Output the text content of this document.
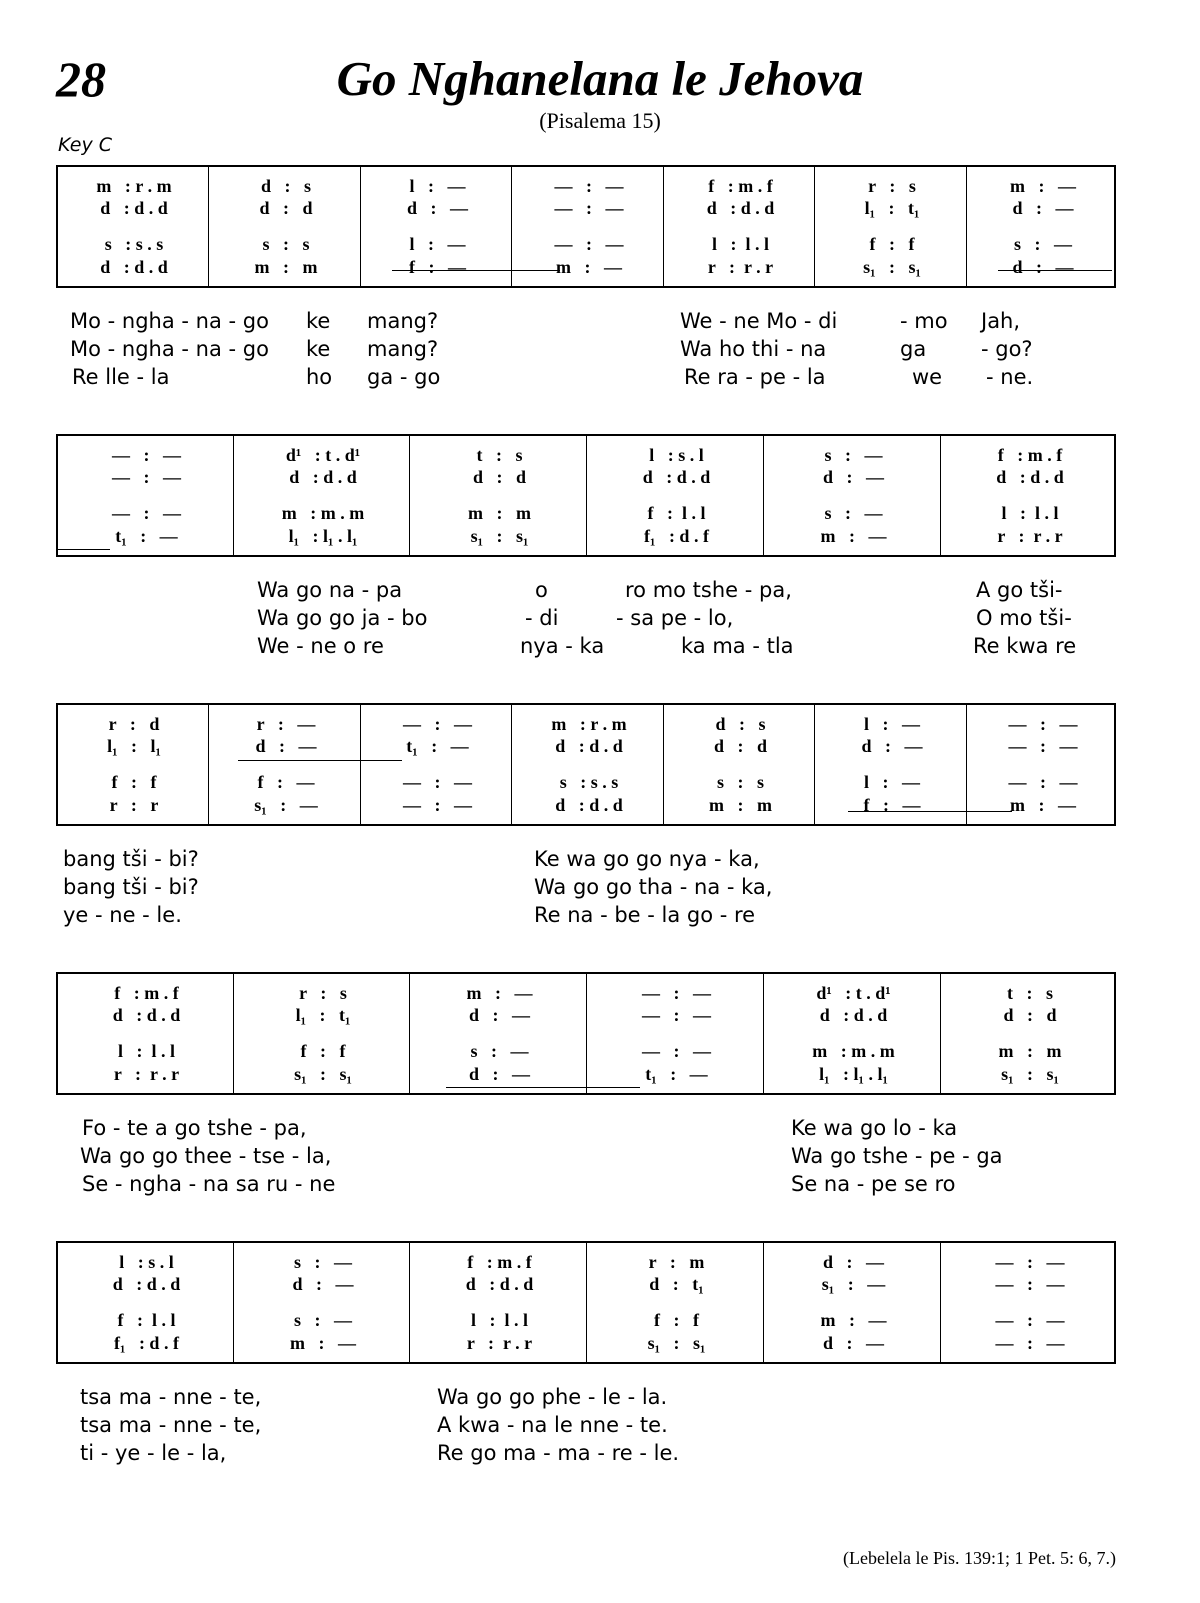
28	Go Nghanelana le Jehova
(Pisalema 15)
Key C
m   : r . m	d   :   s	l   :   —	—   :   —	f   : m . f	r   :   s	m   :   —
d   : d . d	d   :   d	d   :   —	—   :   —	d   : d . d	l₁   :   t₁	d   :   —
s   : s . s	s   :   s	l   :   —	—   :   —	l   :  l . l	f   :   f	s   :   —
d   : d . d	m   :   m	f   :   —	m   :   —	r   :  r . r	s₁   :   s₁	d   :   —
Mo - ngha - na - go ke mang?	We - ne Mo - di	- mo Jah,
Mo - ngha - na - go ke mang?	Wa ho thi - na	ga	- go?
Re lle - la	ho ga - go	Re ra - pe - la	we - ne.
—   :   —	d¹   : t . d¹	t   :   s	l   : s . l	s   :   —	f   : m . f
—   :   —	d   : d . d	d   :   d	d   : d . d	d   :   —	d   : d . d
—   :   —	m   : m . m	m   :   m	f   :  l . l	s   :   —	l   :  l . l
t₁   :   —	l₁   : l₁ . l₁	s₁   :   s₁	f₁   : d . f	m   :   —	r   :  r . r
Wa go na - pa	o	ro mo tshe - pa,	A go tši-
Wa go go ja - bo	- di	- sa pe - lo,	O mo tši-
We - ne o re	nya - ka	ka ma - tla	Re kwa re
r   :   d	r   :   —	—   :   —	m   : r . m	d   :   s	l   :   —	—   :   —
l₁   :   l₁	d   :   —	t₁   :   —	d   : d . d	d   :   d	d   :   —	—   :   —
f   :   f	f   :   —	—   :   —	s   : s . s	s   :   s	l   :   —	—   :   —
r   :   r	s₁   :   —	—   :   —	d   : d . d	m   :   m	f   :   —	m   :   —
bang tši - bi?	Ke wa go go nya - ka,
bang tši - bi?	Wa go go tha - na - ka,
ye - ne - le.	Re na - be - la go - re
f   : m . f	r   :   s	m   :   —	—   :   —	d¹   : t . d¹	t   :   s
d   : d . d	l₁   :   t₁	d   :   —	—   :   —	d   : d . d	d   :   d
l   :  l . l	f   :   f	s   :   —	—   :   —	m   : m . m	m   :   m
r   :  r . r	s₁   :   s₁	d   :   —	t₁   :   —	l₁   : l₁ . l₁	s₁   :   s₁
Fo - te a go tshe - pa,	Ke wa go lo - ka
Wa go go thee - tse - la,	Wa go tshe - pe - ga
Se - ngha - na sa ru - ne	Se na - pe se ro
l   : s . l	s   :   —	f   : m . f	r   :   m	d   :   —	—   :   —
d   : d . d	d   :   —	d   : d . d	d   :   t₁	s₁   :   —	—   :   —
f   :  l . l	s   :   —	l   :  l . l	f   :   f	m   :   —	—   :   —
f₁   : d . f	m   :   —	r   :  r . r	s₁   :   s₁	d   :   —	—   :   —
tsa ma - nne - te,	Wa go go phe - le - la.
tsa ma - nne - te,	A kwa - na le nne - te.
ti - ye - le - la,	Re go ma - ma - re - le.
(Lebelela le Pis. 139:1; 1 Pet. 5: 6, 7.)
